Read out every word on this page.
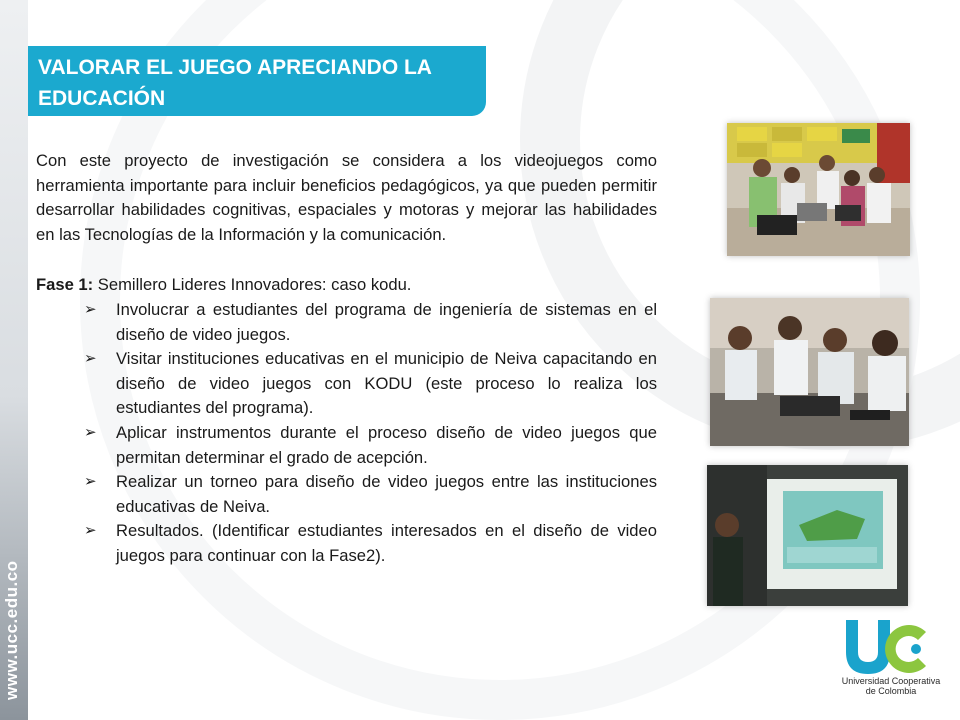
www.ucc.edu.co
VALORAR EL JUEGO APRECIANDO LA
EDUCACIÓN

Con este proyecto de investigación se considera a los videojuegos como herramienta importante para incluir beneficios pedagógicos, ya que pueden permitir desarrollar habilidades cognitivas, espaciales y motoras y mejorar las habilidades en las Tecnologías de la Información y la comunicación.

Fase 1: Semillero Lideres Innovadores: caso kodu.

➢ Involucrar a estudiantes del programa de ingeniería de sistemas en el diseño de video juegos.
➢ Visitar instituciones educativas en el municipio de Neiva capacitando en diseño de video juegos con KODU (este proceso lo realiza los estudiantes del programa).
➢ Aplicar instrumentos durante el proceso diseño de video juegos que permitan determinar el grado de acepción.
➢ Realizar un torneo para diseño de video juegos entre las instituciones educativas de Neiva.
➢ Resultados. (Identificar estudiantes interesados en el diseño de video juegos para continuar con la Fase2).
Universidad Cooperativa
de Colombia
